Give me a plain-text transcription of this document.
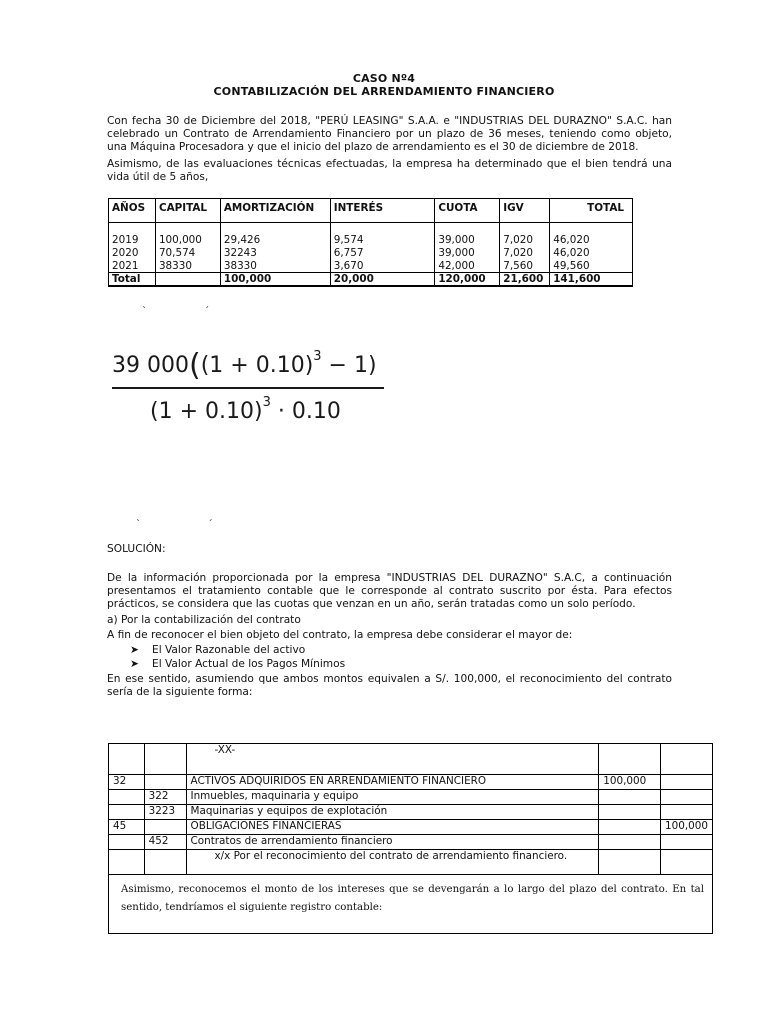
CASO Nº4
CONTABILIZACIÓN DEL ARRENDAMIENTO FINANCIERO
Con fecha 30 de Diciembre del 2018, "PERÚ LEASING" S.A.A. e "INDUSTRIAS DEL DURAZNO" S.A.C. han celebrado un Contrato de Arrendamiento Financiero por un plazo de 36 meses, teniendo como objeto, una Máquina Procesadora y que el inicio del plazo de arrendamiento es el 30 de diciembre de 2018.
Asimismo, de las evaluaciones técnicas efectuadas, la empresa ha determinado que el bien tendrá una vida útil de 5 años,
AÑOS	CAPITAL	AMORTIZACIÓN	INTERÉS	CUOTA	IGV	TOTAL

2019	100,000	29,426	9,574	39,000	7,020	46,020
2020	70,574	32243	6,757	39,000	7,020	46,020
2021	38330	38330	3,670	42,000	7,560	49,560
Total		100,000	20,000	120,000	21,600	141,600
ˋ                  ˊ
39 $000((1 + 0.10)^3 - 1)$
$(1 + 0.10)^3 \cdot 0.10$
ˋ                     ˊ
SOLUCIÓN:
De la información proporcionada por la empresa "INDUSTRIAS DEL DURAZNO" S.A.C, a continuación presentamos el tratamiento contable que le corresponde al contrato suscrito por ésta. Para efectos prácticos, se considera que las cuotas que venzan en un año, serán tratadas como un solo período.
a) Por la contabilización del contrato
A fin de reconocer el bien objeto del contrato, la empresa debe considerar el mayor de:
➤ El Valor Razonable del activo
➤ El Valor Actual de los Pagos Mínimos
En ese sentido, asumiendo que ambos montos equivalen a S/. 100,000, el reconocimiento del contrato sería de la siguiente forma:
		-XX-		
32		ACTIVOS ADQUIRIDOS EN ARRENDAMIENTO FINANCIERO	100,000	
	322	Inmuebles, maquinaria y equipo		
	3223	Maquinarias y equipos de explotación		
45		OBLIGACIONES FINANCIERAS		100,000
	452	Contratos de arrendamiento financiero		
		x/x Por el reconocimiento del contrato de arrendamiento financiero.		
Asimismo, reconocemos el monto de los intereses que se devengarán a lo largo del plazo del contrato. En tal sentido, tendríamos el siguiente registro contable:				
